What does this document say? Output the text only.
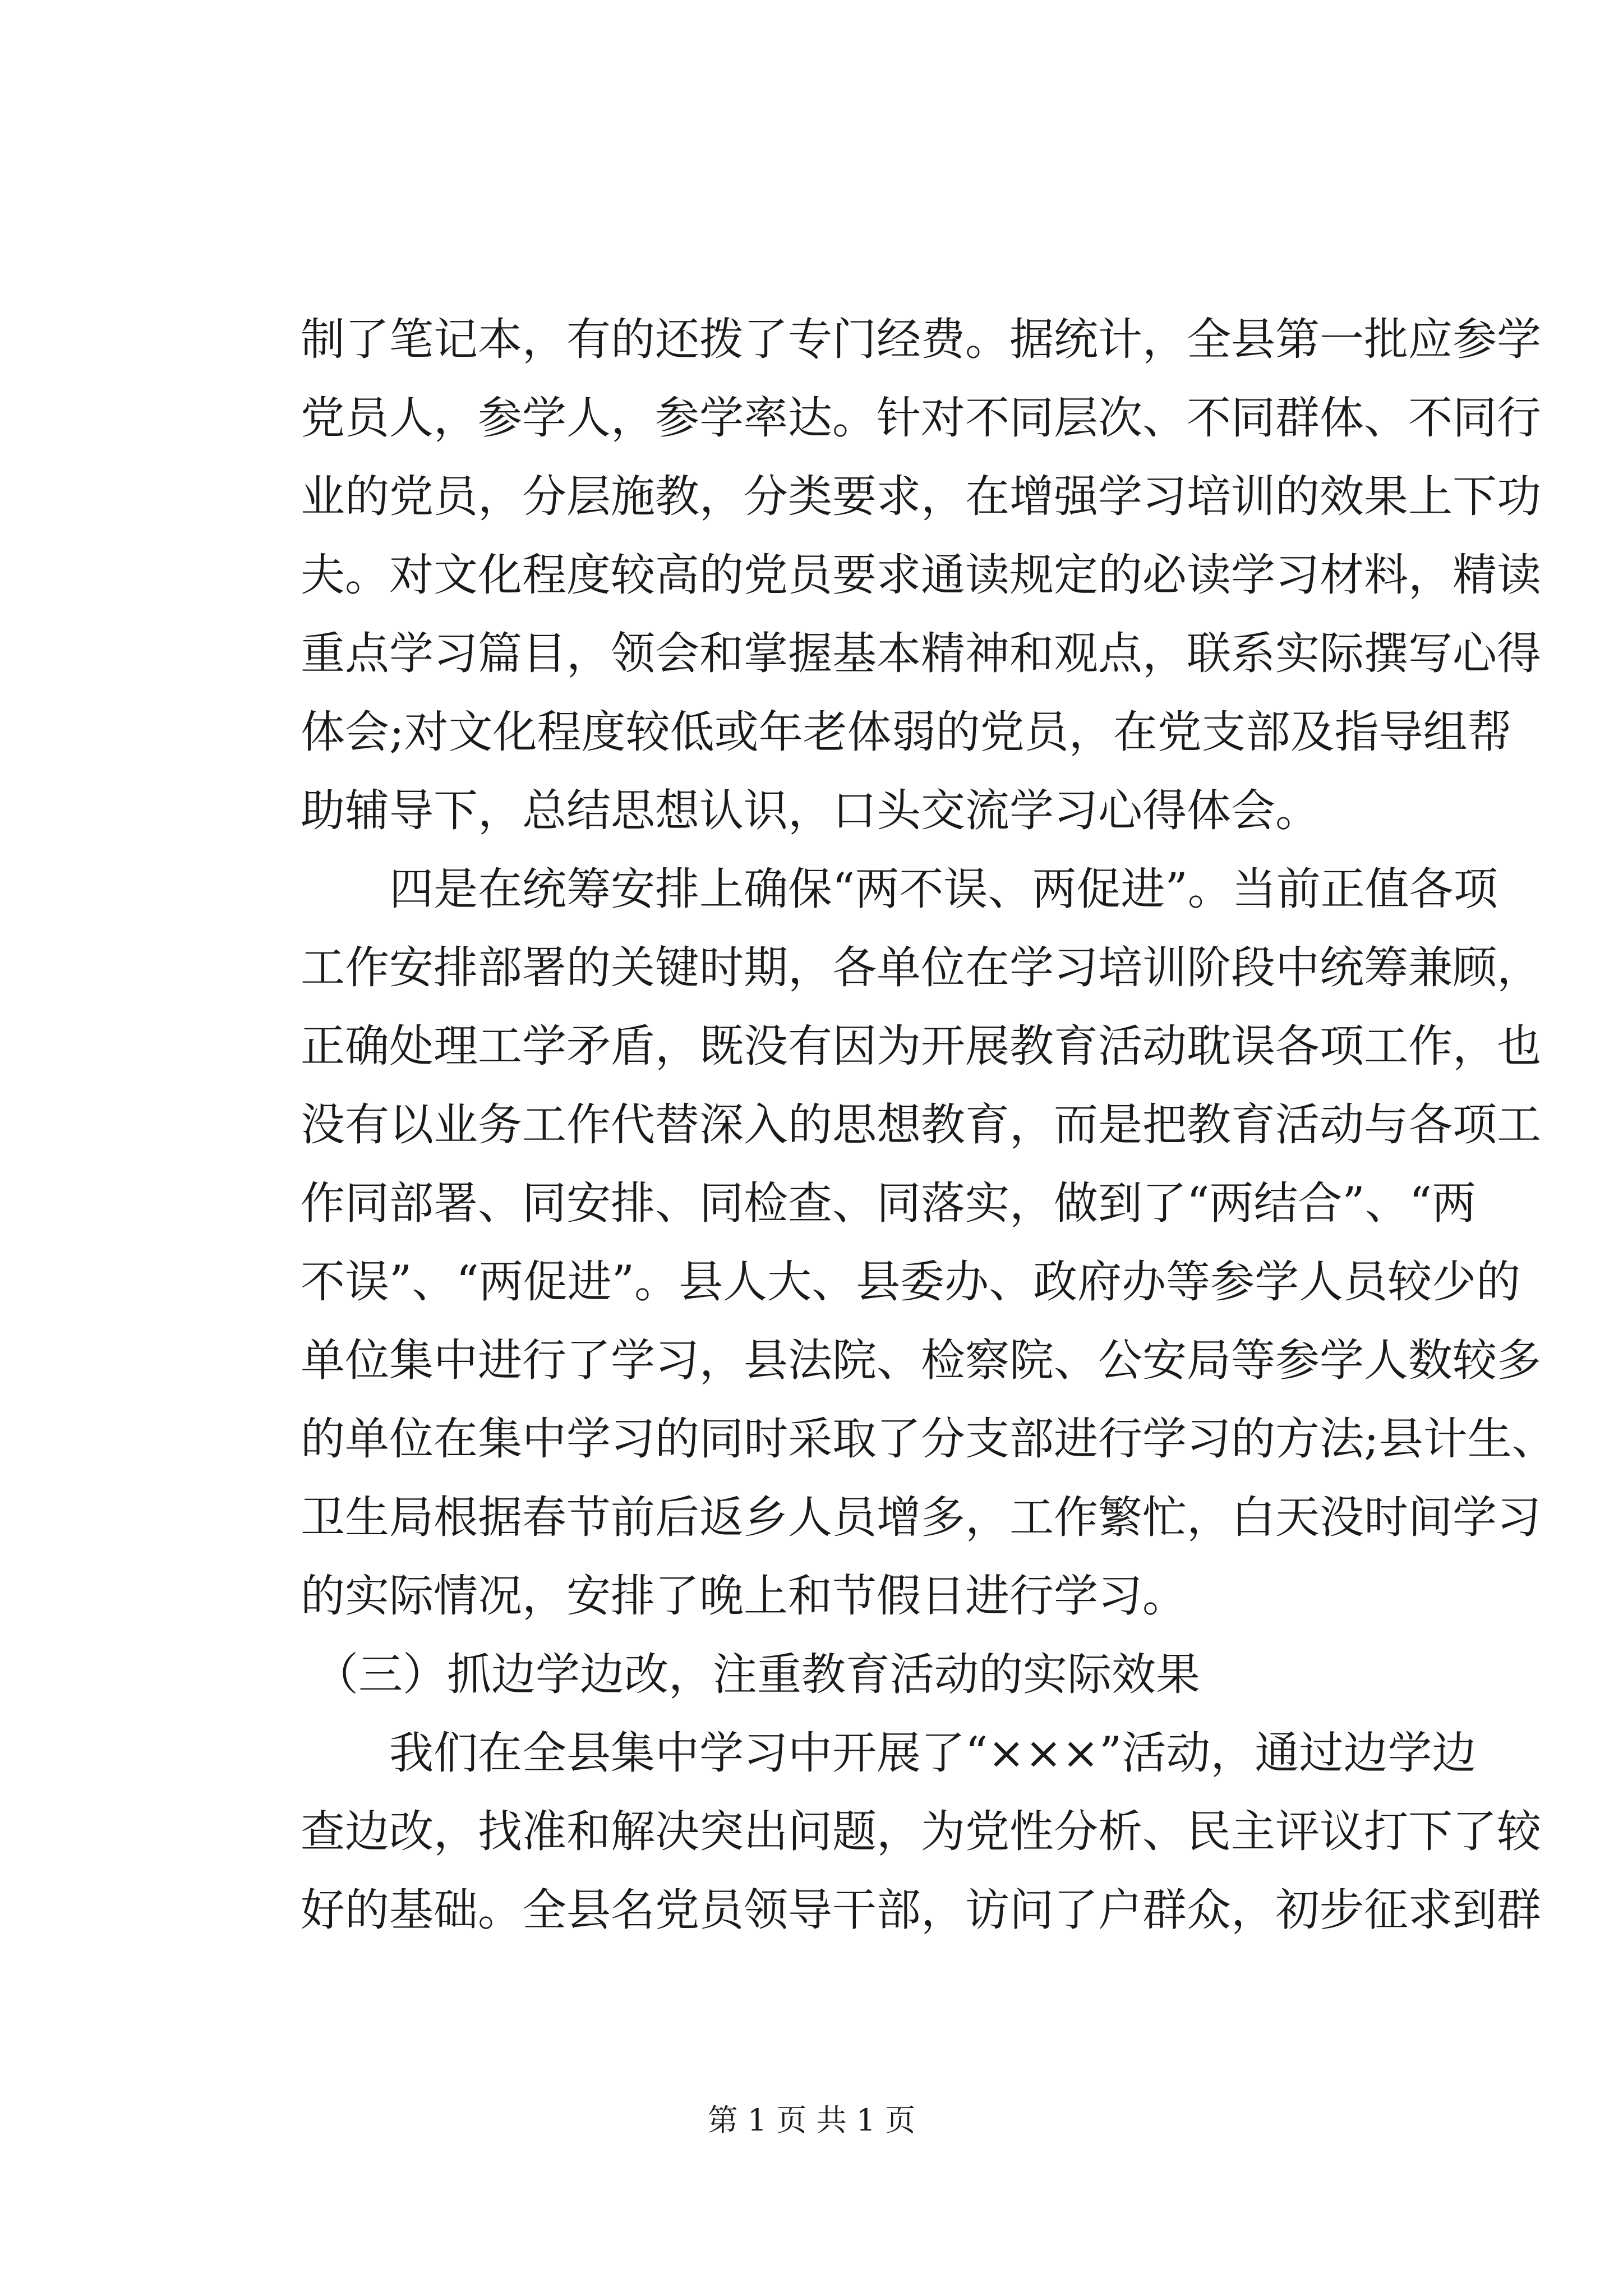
制了笔记本，有的还拨了专门经费。据统计，全县第一批应参学
党员人，参学人，参学率达。针对不同层次、不同群体、不同行
业的党员，分层施教，分类要求，在增强学习培训的效果上下功
夫。对文化程度较高的党员要求通读规定的必读学习材料，精读
重点学习篇目，领会和掌握基本精神和观点，联系实际撰写心得
体会;对文化程度较低或年老体弱的党员，在党支部及指导组帮
助辅导下，总结思想认识，口头交流学习心得体会。
四是在统筹安排上确保“两不误、两促进”。当前正值各项
工作安排部署的关键时期，各单位在学习培训阶段中统筹兼顾，
正确处理工学矛盾，既没有因为开展教育活动耽误各项工作，也
没有以业务工作代替深入的思想教育，而是把教育活动与各项工
作同部署、同安排、同检查、同落实，做到了“两结合”、“两
不误”、“两促进”。县人大、县委办、政府办等参学人员较少的
单位集中进行了学习，县法院、检察院、公安局等参学人数较多
的单位在集中学习的同时采取了分支部进行学习的方法;县计生、
卫生局根据春节前后返乡人员增多，工作繁忙，白天没时间学习
的实际情况，安排了晚上和节假日进行学习。
（三）抓边学边改，注重教育活动的实际效果
我们在全县集中学习中开展了“×××”活动，通过边学边
查边改，找准和解决突出问题，为党性分析、民主评议打下了较
好的基础。全县名党员领导干部，访问了户群众，初步征求到群
第 1 页 共 1 页
